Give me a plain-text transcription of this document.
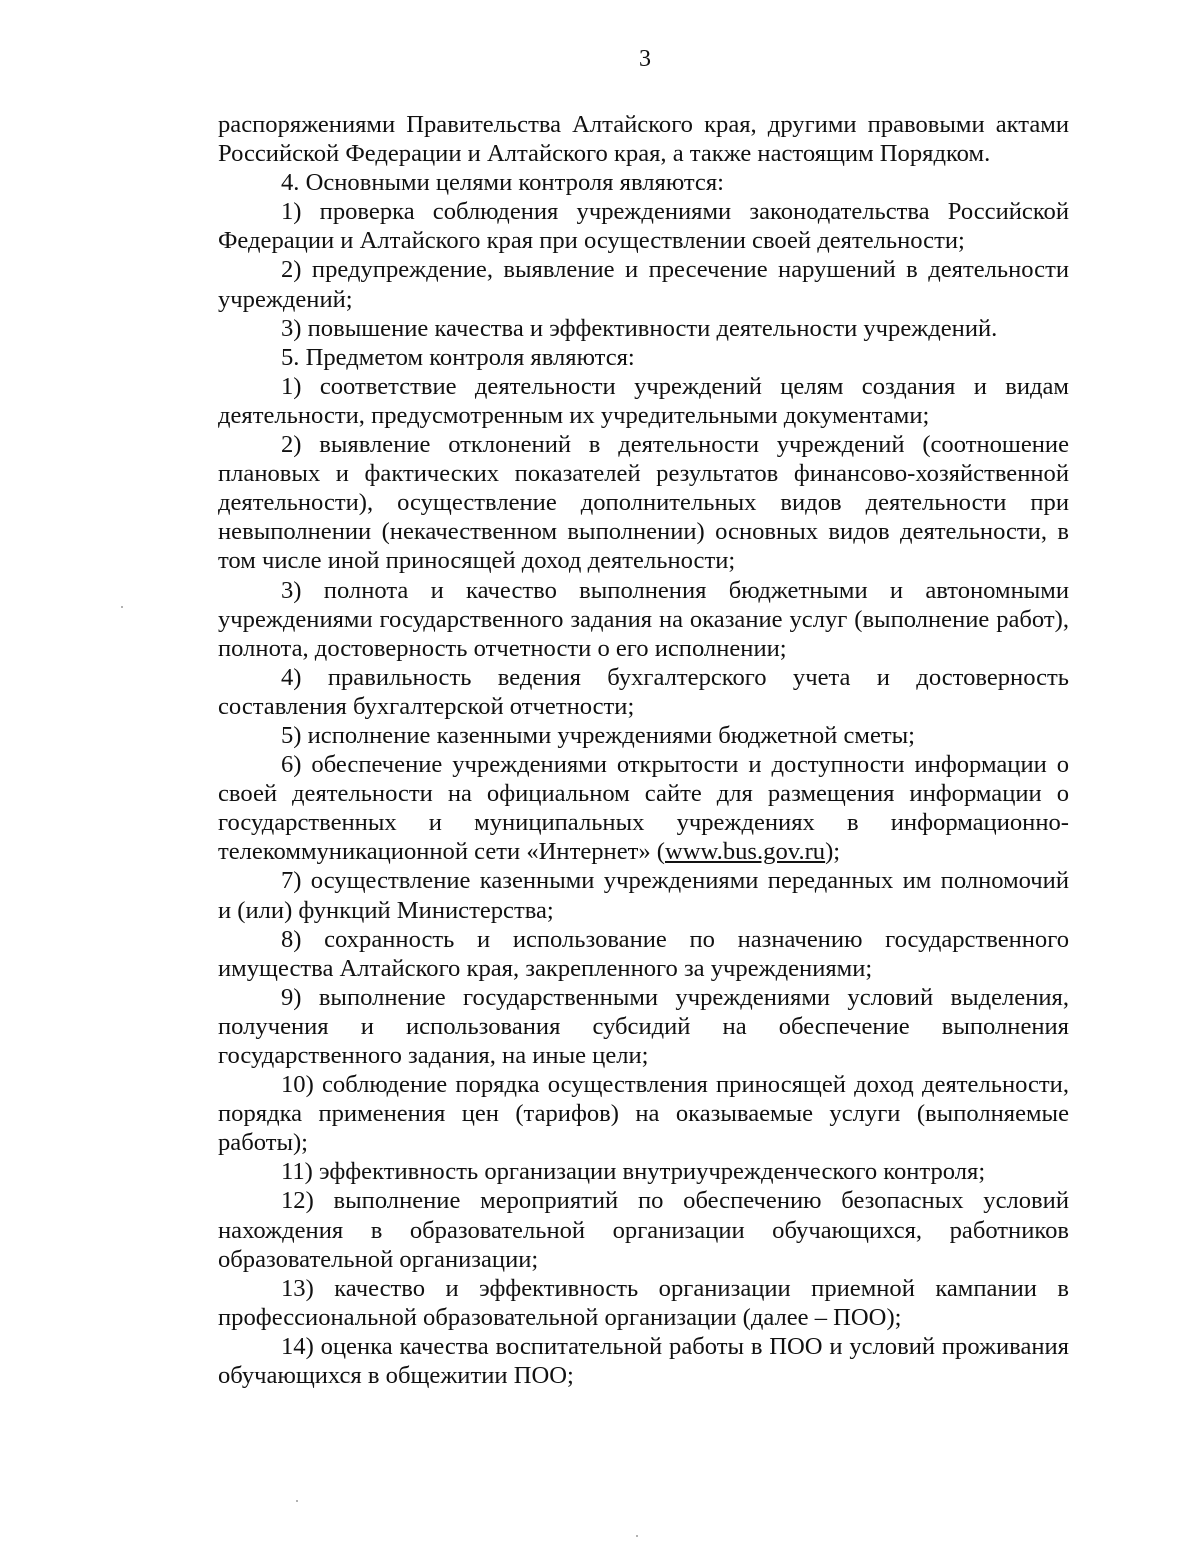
3

распоряжениями Правительства Алтайского края, другими правовыми актами Российской Федерации и Алтайского края, а также настоящим Порядком.

4. Основными целями контроля являются:

1) проверка соблюдения учреждениями законодательства Российской Федерации и Алтайского края при осуществлении своей деятельности;

2) предупреждение, выявление и пресечение нарушений в деятельности учреждений;

3) повышение качества и эффективности деятельности учреждений.

5. Предметом контроля являются:

1) соответствие деятельности учреждений целям создания и видам деятельности, предусмотренным их учредительными документами;

2) выявление отклонений в деятельности учреждений (соотношение плановых и фактических показателей результатов финансово-хозяйственной деятельности), осуществление дополнительных видов деятельности при невыполнении (некачественном выполнении) основных видов деятельности, в том числе иной приносящей доход деятельности;

3) полнота и качество выполнения бюджетными и автономными учреждениями государственного задания на оказание услуг (выполнение работ), полнота, достоверность отчетности о его исполнении;

4) правильность ведения бухгалтерского учета и достоверность составления бухгалтерской отчетности;

5) исполнение казенными учреждениями бюджетной сметы;

6) обеспечение учреждениями открытости и доступности информации о своей деятельности на официальном сайте для размещения информации о государственных и муниципальных учреждениях в информационно-телекоммуникационной сети «Интернет» (www.bus.gov.ru);

7) осуществление казенными учреждениями переданных им полномочий и (или) функций Министерства;

8) сохранность и использование по назначению государственного имущества Алтайского края, закрепленного за учреждениями;

9) выполнение государственными учреждениями условий выделения, получения и использования субсидий на обеспечение выполнения государственного задания, на иные цели;

10) соблюдение порядка осуществления приносящей доход деятельности, порядка применения цен (тарифов) на оказываемые услуги (выполняемые работы);

11) эффективность организации внутриучрежденческого контроля;

12) выполнение мероприятий по обеспечению безопасных условий нахождения в образовательной организации обучающихся, работников образовательной организации;

13) качество и эффективность организации приемной кампании в профессиональной образовательной организации (далее – ПОО);

14) оценка качества воспитательной работы в ПОО и условий проживания обучающихся в общежитии ПОО;
